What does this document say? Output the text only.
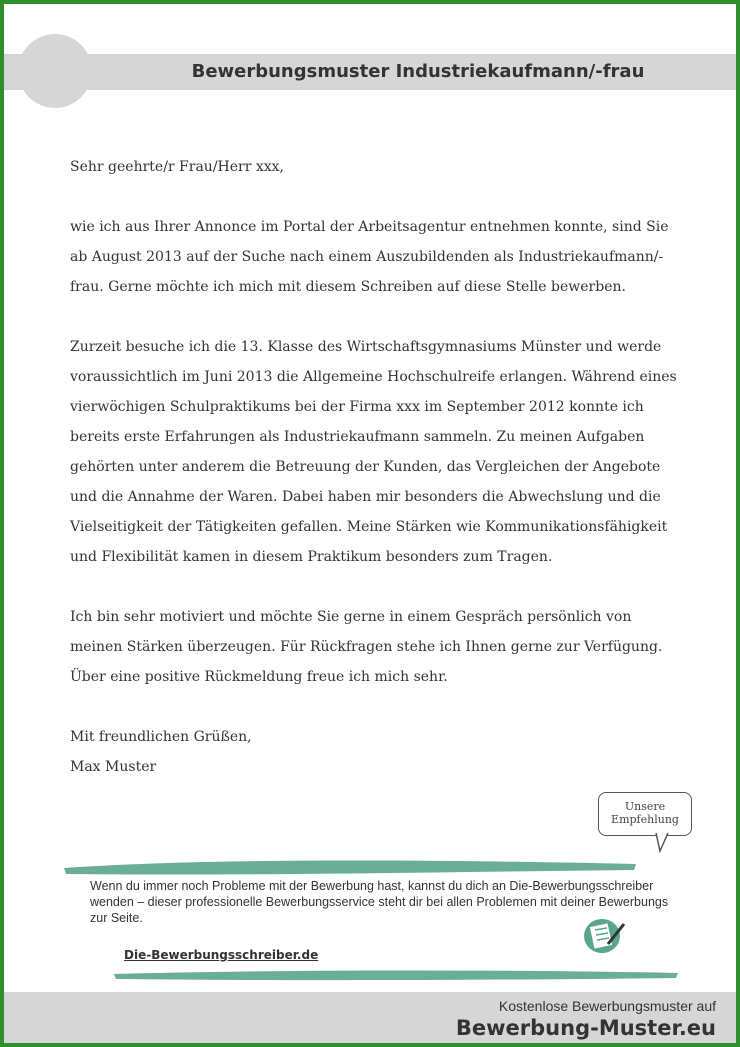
Bewerbungsmuster Industriekaufmann/-frau

Sehr geehrte/r Frau/Herr xxx,

wie ich aus Ihrer Annonce im Portal der Arbeitsagentur entnehmen konnte, sind Sie ab August 2013 auf der Suche nach einem Auszubildenden als Industriekaufmann/-frau. Gerne möchte ich mich mit diesem Schreiben auf diese Stelle bewerben.

Zurzeit besuche ich die 13. Klasse des Wirtschaftsgymnasiums Münster und werde voraussichtlich im Juni 2013 die Allgemeine Hochschulreife erlangen. Während eines vierwöchigen Schulpraktikums bei der Firma xxx im September 2012 konnte ich bereits erste Erfahrungen als Industriekaufmann sammeln. Zu meinen Aufgaben gehörten unter anderem die Betreuung der Kunden, das Vergleichen der Angebote und die Annahme der Waren. Dabei haben mir besonders die Abwechslung und die Vielseitigkeit der Tätigkeiten gefallen. Meine Stärken wie Kommunikationsfähigkeit und Flexibilität kamen in diesem Praktikum besonders zum Tragen.

Ich bin sehr motiviert und möchte Sie gerne in einem Gespräch persönlich von meinen Stärken überzeugen. Für Rückfragen stehe ich Ihnen gerne zur Verfügung. Über eine positive Rückmeldung freue ich mich sehr.

Mit freundlichen Grüßen,
Max Muster
Unsere
Empfehlung
Wenn du immer noch Probleme mit der Bewerbung hast, kannst du dich an Die-Bewerbungsschreiber wenden – dieser professionelle Bewerbungsservice steht dir bei allen Problemen mit deiner Bewerbungs zur Seite.
Die-Bewerbungsschreiber.de
Kostenlose Bewerbungsmuster auf
Bewerbung-Muster.eu
